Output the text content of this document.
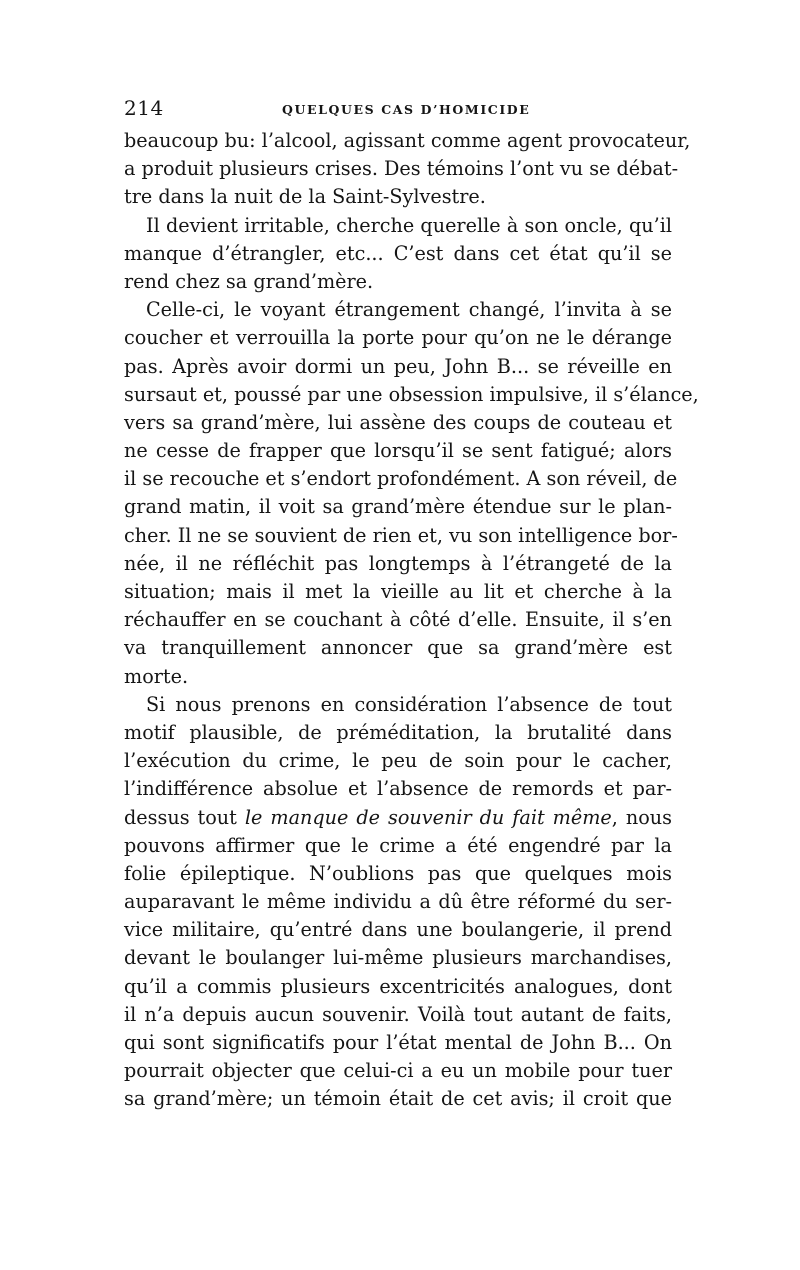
214	QUELQUES CAS D’HOMICIDE
beaucoup bu: l’alcool, agissant comme agent provocateur,
a produit plusieurs crises. Des témoins l’ont vu se débat-
tre dans la nuit de la Saint-Sylvestre.
Il devient irritable, cherche querelle à son oncle, qu’il
manque d’étrangler, etc... C’est dans cet état qu’il se
rend chez sa grand’mère.
Celle-ci, le voyant étrangement changé, l’invita à se
coucher et verrouilla la porte pour qu’on ne le dérange
pas. Après avoir dormi un peu, John B... se réveille en
sursaut et, poussé par une obsession impulsive, il s’élance,
vers sa grand’mère, lui assène des coups de couteau et
ne cesse de frapper que lorsqu’il se sent fatigué; alors
il se recouche et s’endort profondément. A son réveil, de
grand matin, il voit sa grand’mère étendue sur le plan-
cher. Il ne se souvient de rien et, vu son intelligence bor-
née, il ne réfléchit pas longtemps à l’étrangeté de la
situation; mais il met la vieille au lit et cherche à la
réchauffer en se couchant à côté d’elle. Ensuite, il s’en
va tranquillement annoncer que sa grand’mère est
morte.
Si nous prenons en considération l’absence de tout
motif plausible, de préméditation, la brutalité dans
l’exécution du crime, le peu de soin pour le cacher,
l’indifférence absolue et l’absence de remords et par-
dessus tout le manque de souvenir du fait même, nous
pouvons affirmer que le crime a été engendré par la
folie épileptique. N’oublions pas que quelques mois
auparavant le même individu a dû être réformé du ser-
vice militaire, qu’entré dans une boulangerie, il prend
devant le boulanger lui-même plusieurs marchandises,
qu’il a commis plusieurs excentricités analogues, dont
il n’a depuis aucun souvenir. Voilà tout autant de faits,
qui sont significatifs pour l’état mental de John B... On
pourrait objecter que celui-ci a eu un mobile pour tuer
sa grand’mère; un témoin était de cet avis; il croit que
